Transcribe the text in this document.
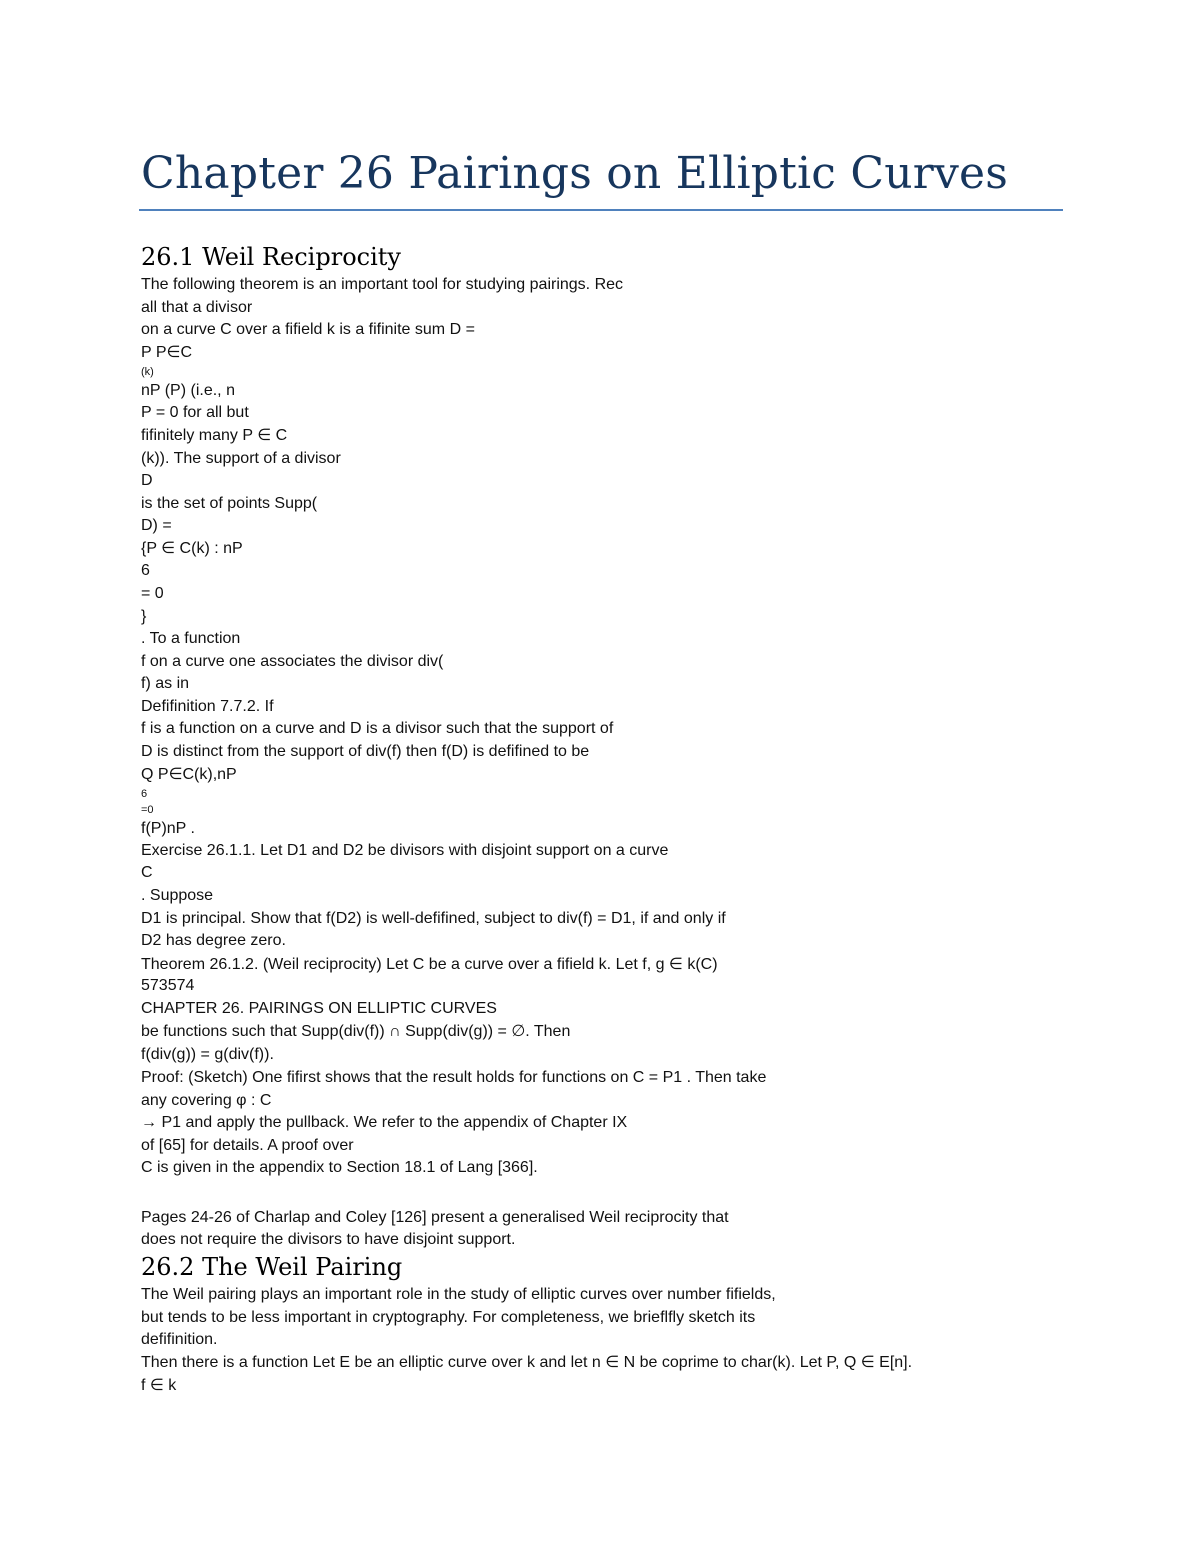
Chapter 26 Pairings on Elliptic Curves
26.1 Weil Reciprocity
The following theorem is an important tool for studying pairings. Rec
all that a divisor
on a curve C over a fifield k is a fifinite sum D =
P P∈C
(k)
nP (P) (i.e., n
P = 0 for all but
fifinitely many P ∈ C
(k)). The support of a divisor
D
is the set of points Supp(
D) =
{P ∈ C(k) : nP
6
= 0
}
. To a function
f on a curve one associates the divisor div(
f) as in
Defifinition 7.7.2. If
f is a function on a curve and D is a divisor such that the support of
D is distinct from the support of div(f) then f(D) is defifined to be
Q P∈C(k),nP
6
=0
f(P)nP .
Exercise 26.1.1. Let D1 and D2 be divisors with disjoint support on a curve
C
. Suppose
D1 is principal. Show that f(D2) is well-defifined, subject to div(f) = D1, if and only if
D2 has degree zero.
Theorem 26.1.2. (Weil reciprocity) Let C be a curve over a fifield k. Let f, g ∈ k(C)
573574
CHAPTER 26. PAIRINGS ON ELLIPTIC CURVES
be functions such that Supp(div(f)) ∩ Supp(div(g)) = ∅. Then
f(div(g)) = g(div(f)).
Proof: (Sketch) One fifirst shows that the result holds for functions on C = P1 . Then take
any covering φ : C
→ P1 and apply the pullback. We refer to the appendix of Chapter IX
of [65] for details. A proof over
C is given in the appendix to Section 18.1 of Lang [366].
Pages 24-26 of Charlap and Coley [126] present a generalised Weil reciprocity that
does not require the divisors to have disjoint support.
26.2 The Weil Pairing
The Weil pairing plays an important role in the study of elliptic curves over number fifields,
but tends to be less important in cryptography. For completeness, we brieflfly sketch its
defifinition.
Then there is a function Let E be an elliptic curve over k and let n ∈ N be coprime to char(k). Let P, Q ∈ E[n].
f ∈ k
